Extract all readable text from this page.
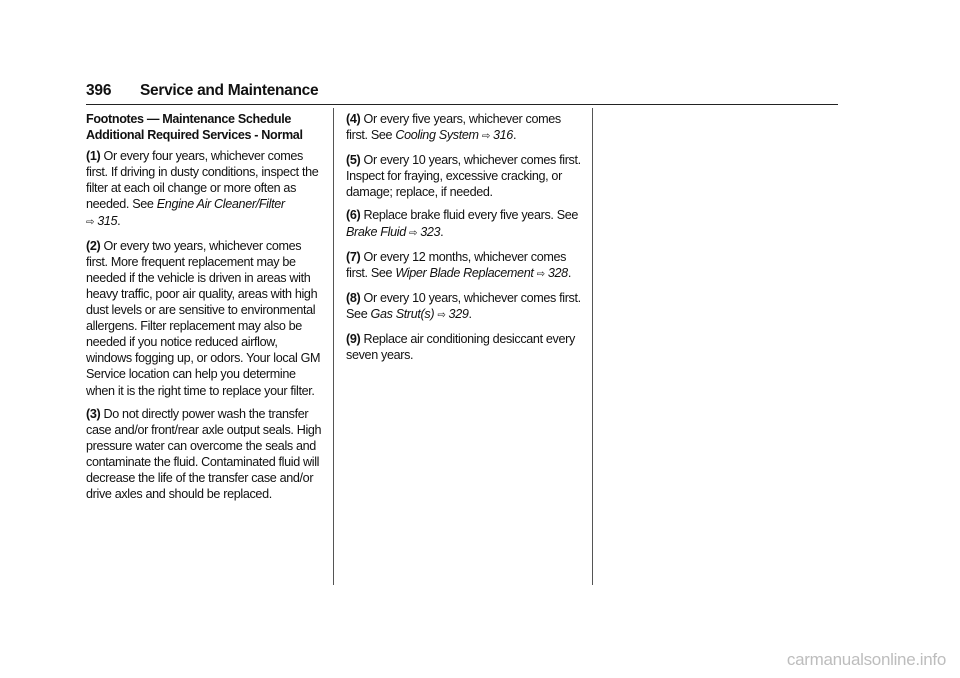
396 Service and Maintenance

Footnotes — Maintenance Schedule
Additional Required Services - Normal

(1) Or every four years, whichever comes first. If driving in dusty conditions, inspect the filter at each oil change or more often as needed. See Engine Air Cleaner/Filter
⇨ 315.

(2) Or every two years, whichever comes first. More frequent replacement may be needed if the vehicle is driven in areas with heavy traffic, poor air quality, areas with high dust levels or are sensitive to environmental allergens. Filter replacement may also be needed if you notice reduced airflow, windows fogging up, or odors. Your local GM Service location can help you determine when it is the right time to replace your filter.

(3) Do not directly power wash the transfer case and/or front/rear axle output seals. High pressure water can overcome the seals and contaminate the fluid. Contaminated fluid will decrease the life of the transfer case and/or drive axles and should be replaced.

(4) Or every five years, whichever comes first. See Cooling System ⇨ 316.

(5) Or every 10 years, whichever comes first. Inspect for fraying, excessive cracking, or damage; replace, if needed.

(6) Replace brake fluid every five years. See
Brake Fluid ⇨ 323.

(7) Or every 12 months, whichever comes first. See Wiper Blade Replacement ⇨ 328.

(8) Or every 10 years, whichever comes first. See Gas Strut(s) ⇨ 329.

(9) Replace air conditioning desiccant every seven years.

carmanualsonline.info
